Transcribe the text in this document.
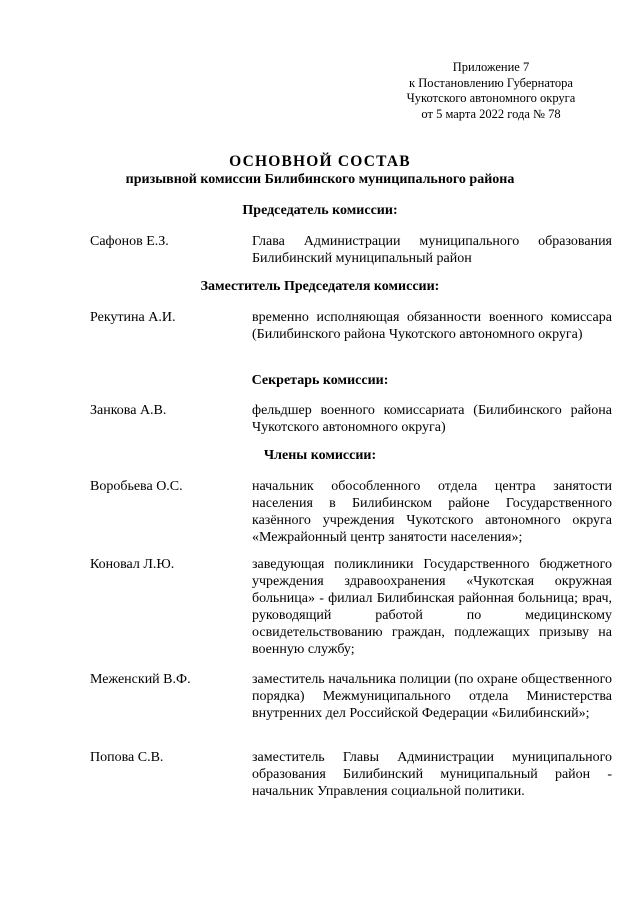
Приложение 7
к Постановлению Губернатора
Чукотского автономного округа
от 5 марта 2022 года № 78
ОСНОВНОЙ СОСТАВ
призывной комиссии Билибинского муниципального района
Председатель комиссии:
Сафонов Е.З.	Глава Администрации муниципального образования Билибинский муниципальный район
Заместитель Председателя комиссии:
Рекутина А.И.	временно исполняющая обязанности военного комиссара (Билибинского района Чукотского автономного округа)
Секретарь комиссии:
Занкова А.В.	фельдшер военного комиссариата (Билибинского района Чукотского автономного округа)
Члены комиссии:
Воробьева О.С.	начальник обособленного отдела центра занятости населения в Билибинском районе Государственного казённого учреждения Чукотского автономного округа «Межрайонный центр занятости населения»;
Коновал Л.Ю.	заведующая поликлиники Государственного бюджетного учреждения здравоохранения «Чукотская окружная больница» - филиал Билибинская районная больница; врач, руководящий работой по медицинскому освидетельствованию граждан, подлежащих призыву на военную службу;
Меженский В.Ф.	заместитель начальника полиции (по охране общественного порядка) Межмуниципального отдела Министерства внутренних дел Российской Федерации «Билибинский»;
Попова С.В.	заместитель Главы Администрации муниципального образования Билибинский муниципальный район - начальник Управления социальной политики.
